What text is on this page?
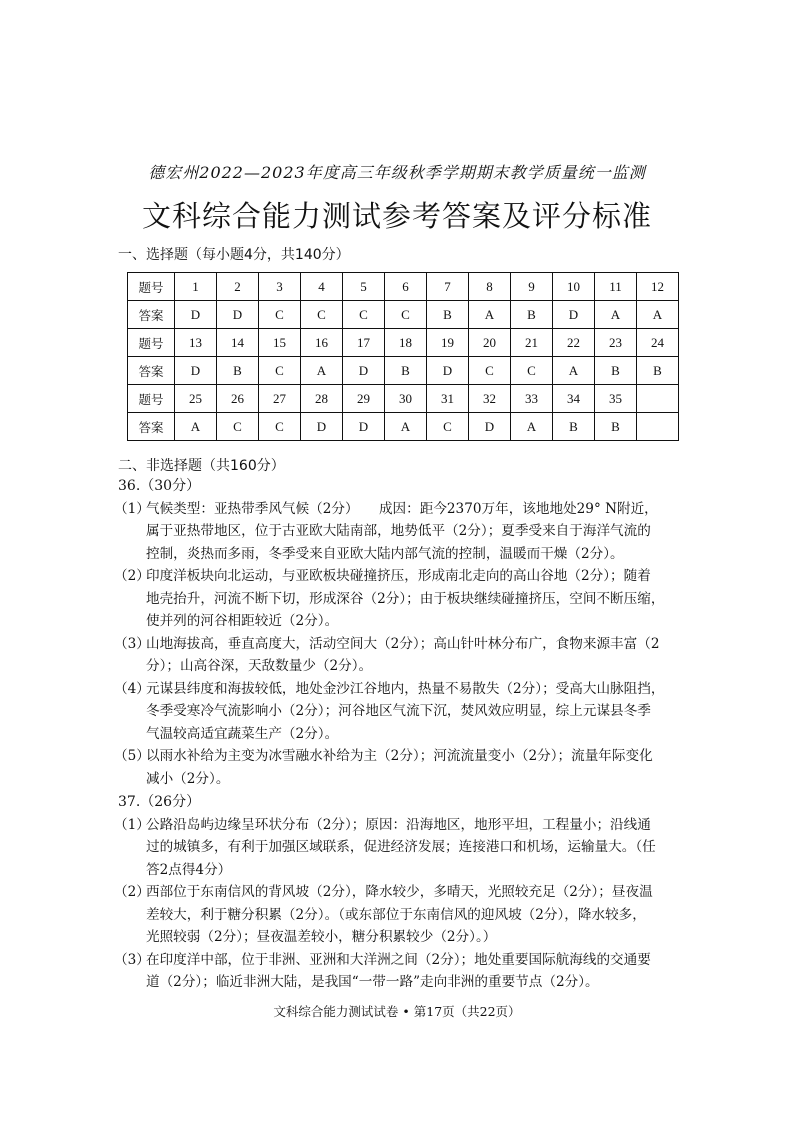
德宏州2022—2023年度高三年级秋季学期期末教学质量统一监测
文科综合能力测试参考答案及评分标准
一、选择题（每小题4分，共140分）
题号	1	2	3	4	5	6	7	8	9	10	11	12
答案	D	D	C	C	C	C	B	A	B	D	A	A
题号	13	14	15	16	17	18	19	20	21	22	23	24
答案	D	B	C	A	D	B	D	C	C	A	B	B
题号	25	26	27	28	29	30	31	32	33	34	35	
答案	A	C	C	D	D	A	C	D	A	B	B	
二、非选择题（共160分）
36.（30分）
（1）
气候类型：亚热带季风气候（2分）　　成因：距今2370万年，该地地处29° N附近，
属于亚热带地区，位于古亚欧大陆南部，地势低平（2分）；夏季受来自于海洋气流的
控制，炎热而多雨，冬季受来自亚欧大陆内部气流的控制，温暖而干燥（2分）。
（2）
印度洋板块向北运动，与亚欧板块碰撞挤压，形成南北走向的高山谷地（2分）；随着
地壳抬升，河流不断下切，形成深谷（2分）；由于板块继续碰撞挤压，空间不断压缩，
使并列的河谷相距较近（2分）。
（3）
山地海拔高，垂直高度大，活动空间大（2分）；高山针叶林分布广，食物来源丰富（2
分）；山高谷深，天敌数量少（2分）。
（4）
元谋县纬度和海拔较低，地处金沙江谷地内，热量不易散失（2分）；受高大山脉阻挡，
冬季受寒冷气流影响小（2分）；河谷地区气流下沉，焚风效应明显，综上元谋县冬季
气温较高适宜蔬菜生产（2分）。
（5）
以雨水补给为主变为冰雪融水补给为主（2分）；河流流量变小（2分）；流量年际变化
减小（2分）。
37.（26分）
（1）
公路沿岛屿边缘呈环状分布（2分）；原因：沿海地区，地形平坦，工程量小；沿线通
过的城镇多，有利于加强区域联系，促进经济发展；连接港口和机场，运输量大。（任
答2点得4分）
（2）
西部位于东南信风的背风坡（2分），降水较少，多晴天，光照较充足（2分）；昼夜温
差较大，利于糖分积累（2分）。（或东部位于东南信风的迎风坡（2分），降水较多，
光照较弱（2分）；昼夜温差较小，糖分积累较少（2分）。）
（3）
在印度洋中部，位于非洲、亚洲和大洋洲之间（2分）；地处重要国际航海线的交通要
道（2分）；临近非洲大陆，是我国“一带一路”走向非洲的重要节点（2分）。
文科综合能力测试试卷 • 第17页（共22页）
